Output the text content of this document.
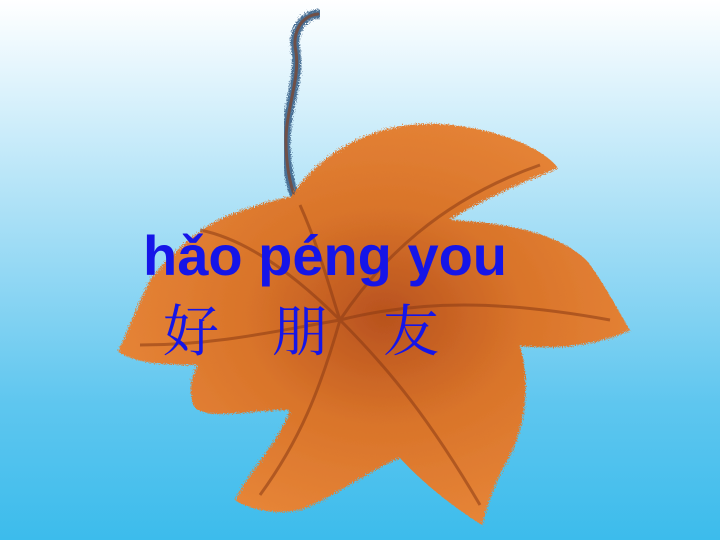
hǎo péng you
好 朋 友
